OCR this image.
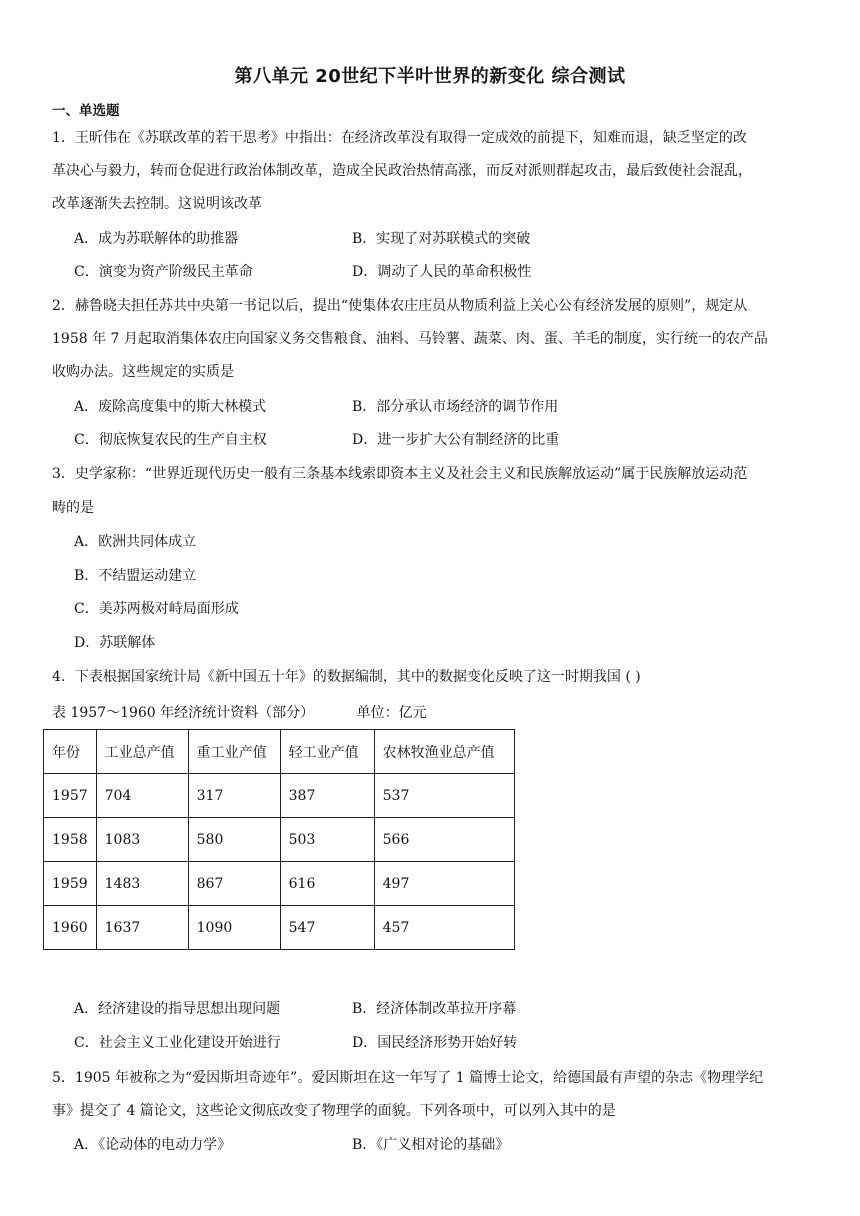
第八单元 20世纪下半叶世界的新变化 综合测试
一、单选题
1．王昕伟在《苏联改革的若干思考》中指出：在经济改革没有取得一定成效的前提下，知难而退，缺乏坚定的改
革决心与毅力，转而仓促进行政治体制改革，造成全民政治热情高涨，而反对派则群起攻击，最后致使社会混乱，
改革逐渐失去控制。这说明该改革
A．成为苏联解体的助推器	B．实现了对苏联模式的突破
C．演变为资产阶级民主革命	D．调动了人民的革命积极性
2．赫鲁晓夫担任苏共中央第一书记以后，提出“使集体农庄庄员从物质利益上关心公有经济发展的原则”，规定从
1958 年 7 月起取消集体农庄向国家义务交售粮食、油料、马铃薯、蔬菜、肉、蛋、羊毛的制度，实行统一的农产品
收购办法。这些规定的实质是
A．废除高度集中的斯大林模式	B．部分承认市场经济的调节作用
C．彻底恢复农民的生产自主权	D．进一步扩大公有制经济的比重
3．史学家称：“世界近现代历史一般有三条基本线索即资本主义及社会主义和民族解放运动”属于民族解放运动范
畴的是
A．欧洲共同体成立
B．不结盟运动建立
C．美苏两极对峙局面形成
D．苏联解体
4．下表根据国家统计局《新中国五十年》的数据编制，其中的数据变化反映了这一时期我国 ( )
表 1957～1960 年经济统计资料（部分）	单位：亿元
年份	工业总产值	重工业产值	轻工业产值	农林牧渔业总产值
1957	704	317	387	537
1958	1083	580	503	566
1959	1483	867	616	497
1960	1637	1090	547	457
A．经济建设的指导思想出现问题	B．经济体制改革拉开序幕
C．社会主义工业化建设开始进行	D．国民经济形势开始好转
5．1905 年被称之为“爱因斯坦奇迹年”。爱因斯坦在这一年写了 1 篇博士论文，给德国最有声望的杂志《物理学纪
事》提交了 4 篇论文，这些论文彻底改变了物理学的面貌。下列各项中，可以列入其中的是
A．《论动体的电动力学》	B．《广义相对论的基础》
